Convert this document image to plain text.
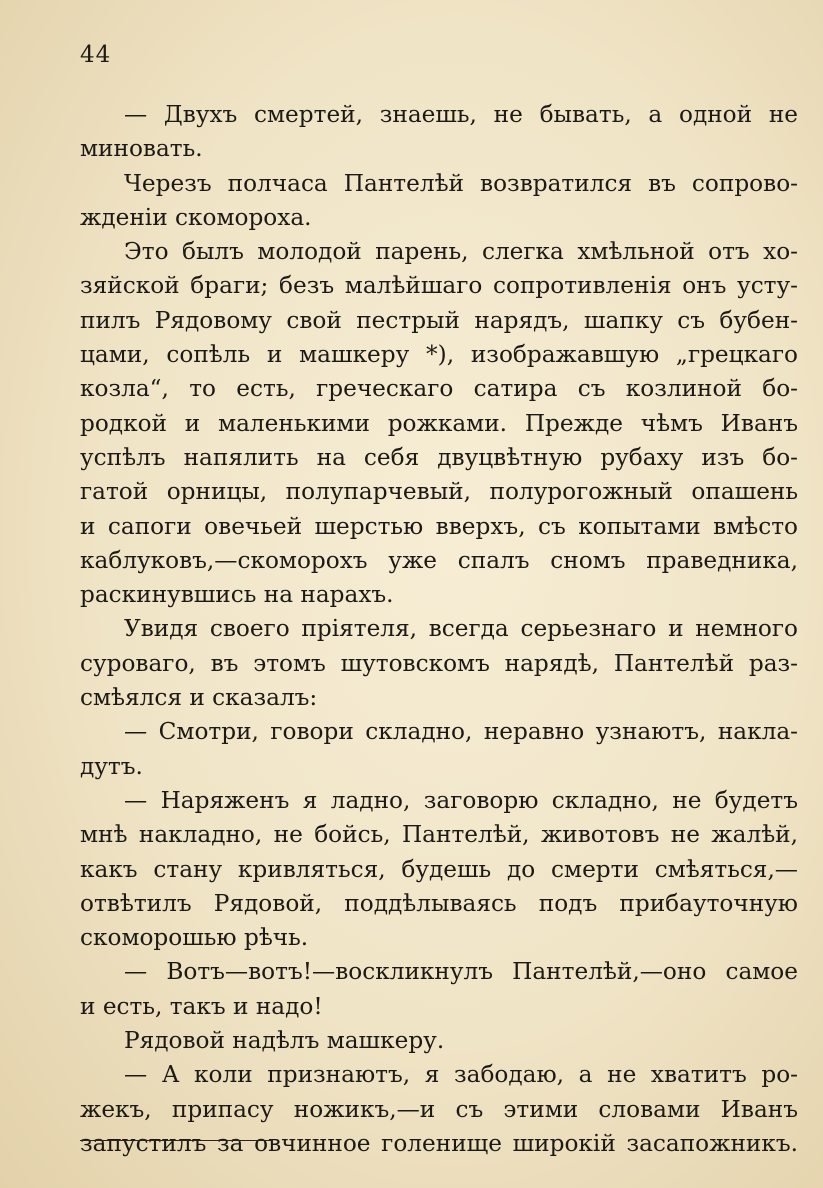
44

— Двухъ смертей, знаешь, не бывать, а одной не
миновать.

Черезъ полчаса Пантелѣй возвратился въ сопрово-
жденіи скомороха.

Это былъ молодой парень, слегка хмѣльной отъ хо-
зяйской браги; безъ малѣйшаго сопротивленія онъ усту-
пилъ Рядовому свой пестрый нарядъ, шапку съ бубен-
цами, сопѣль и машкеру *), изображавшую „грецкаго
козла“, то есть, греческаго сатира съ козлиной бо-
родкой и маленькими рожками. Прежде чѣмъ Иванъ
успѣлъ напялить на себя двуцвѣтную рубаху изъ бо-
гатой орницы, полупарчевый, полурогожный опашень
и сапоги овечьей шерстью вверхъ, съ копытами вмѣсто
каблуковъ,—скоморохъ уже спалъ сномъ праведника,
раскинувшись на нарахъ.

Увидя своего пріятеля, всегда серьезнаго и немного
суроваго, въ этомъ шутовскомъ нарядѣ, Пантелѣй раз-
смѣялся и сказалъ:

— Смотри, говори складно, неравно узнаютъ, накла-
дутъ.

— Наряженъ я ладно, заговорю складно, не будетъ
мнѣ накладно, не бойсь, Пантелѣй, животовъ не жалѣй,
какъ стану кривляться, будешь до смерти смѣяться,—
отвѣтилъ Рядовой, поддѣлываясь подъ прибауточную
скоморошью рѣчь.

— Вотъ—вотъ!—воскликнулъ Пантелѣй,—оно самое
и есть, такъ и надо!

Рядовой надѣлъ машкеру.

— А коли признаютъ, я забодаю, а не хватитъ ро-
жекъ, припасу ножикъ,—и съ этими словами Иванъ
запустилъ за овчинное голенище широкій засапожникъ.
